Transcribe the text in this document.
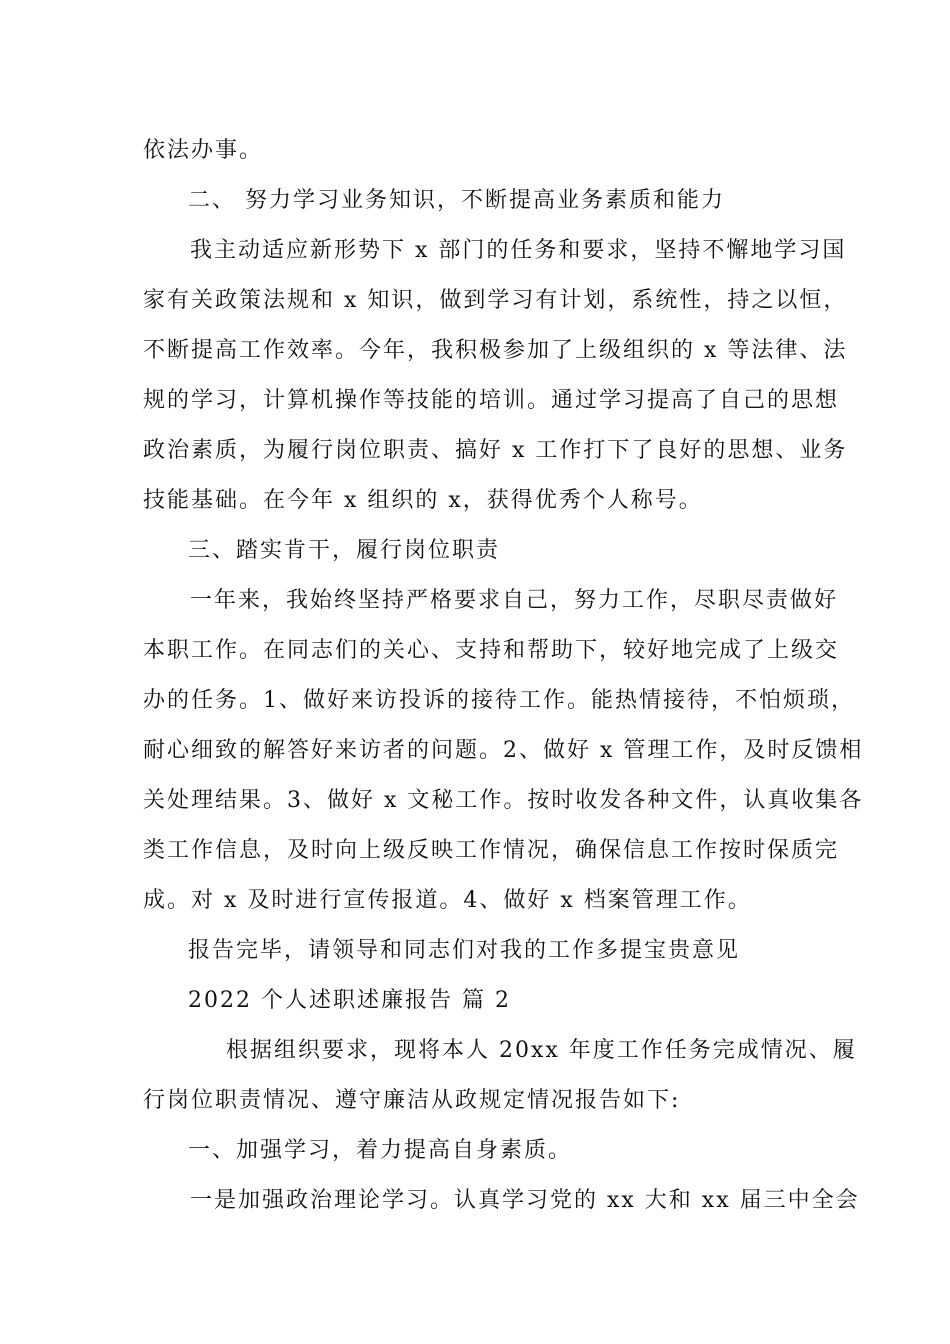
依法办事。
二、 努力学习业务知识，不断提高业务素质和能力
我主动适应新形势下 x 部门的任务和要求，坚持不懈地学习国
家有关政策法规和 x 知识，做到学习有计划，系统性，持之以恒，
不断提高工作效率。今年，我积极参加了上级组织的 x 等法律、法
规的学习，计算机操作等技能的培训。通过学习提高了自己的思想
政治素质，为履行岗位职责、搞好 x 工作打下了良好的思想、业务
技能基础。在今年 x 组织的 x，获得优秀个人称号。
三、踏实肯干，履行岗位职责
一年来，我始终坚持严格要求自己，努力工作，尽职尽责做好
本职工作。在同志们的关心、支持和帮助下，较好地完成了上级交
办的任务。1、做好来访投诉的接待工作。能热情接待，不怕烦琐，
耐心细致的解答好来访者的问题。2、做好 x 管理工作，及时反馈相
关处理结果。3、做好 x 文秘工作。按时收发各种文件，认真收集各
类工作信息，及时向上级反映工作情况，确保信息工作按时保质完
成。对 x 及时进行宣传报道。4、做好 x 档案管理工作。
报告完毕，请领导和同志们对我的工作多提宝贵意见
2022 个人述职述廉报告 篇 2
根据组织要求，现将本人 20xx 年度工作任务完成情况、履
行岗位职责情况、遵守廉洁从政规定情况报告如下:
一、加强学习，着力提高自身素质。
一是加强政治理论学习。认真学习党的 xx 大和 xx 届三中全会
